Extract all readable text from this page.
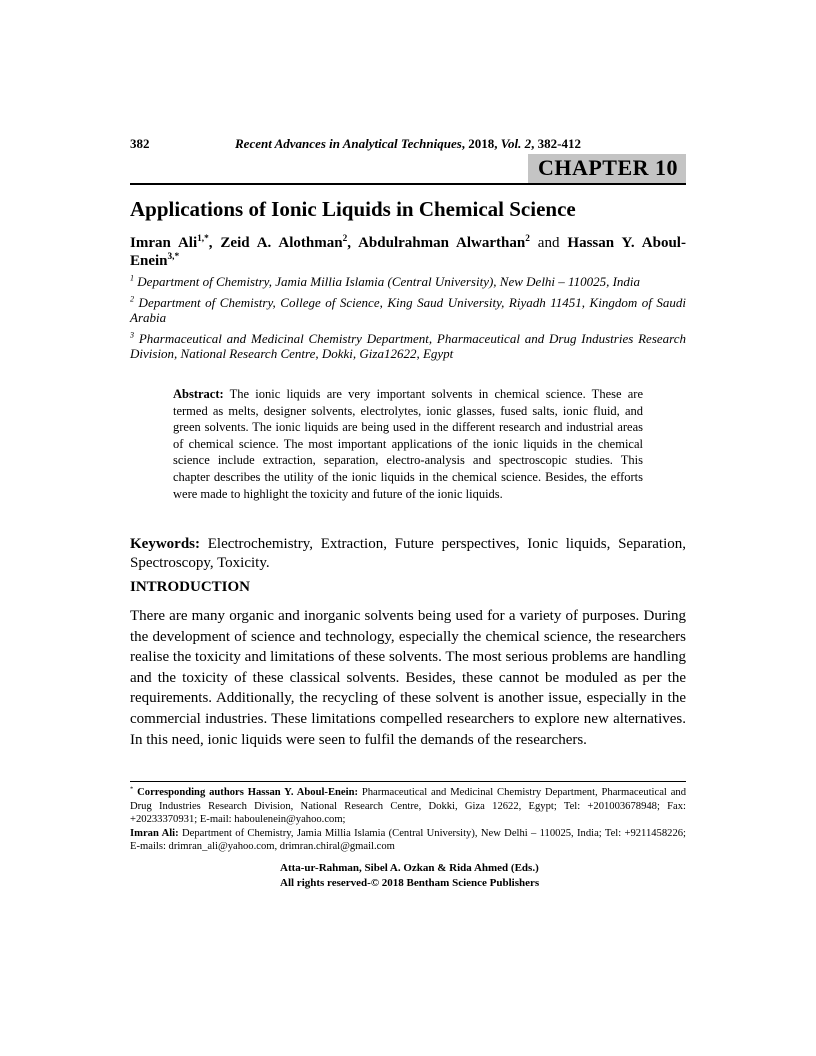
382	Recent Advances in Analytical Techniques, 2018, Vol. 2, 382-412
CHAPTER 10
Applications of Ionic Liquids in Chemical Science
Imran Ali$^{1,*}$, Zeid A. Alothman$^2$, Abdulrahman Alwarthan$^2$ and Hassan Y. Aboul-Enein$^{3,*}$

$^1$ Department of Chemistry, Jamia Millia Islamia (Central University), New Delhi – 110025, India

$^2$ Department of Chemistry, College of Science, King Saud University, Riyadh 11451, Kingdom of Saudi Arabia

$^3$ Pharmaceutical and Medicinal Chemistry Department, Pharmaceutical and Drug Industries Research Division, National Research Centre, Dokki, Giza12622, Egypt

Abstract: The ionic liquids are very important solvents in chemical science. These are termed as melts, designer solvents, electrolytes, ionic glasses, fused salts, ionic fluid, and green solvents. The ionic liquids are being used in the different research and industrial areas of chemical science. The most important applications of the ionic liquids in the chemical science include extraction, separation, electro-analysis and spectroscopic studies. This chapter describes the utility of the ionic liquids in the chemical science. Besides, the efforts were made to highlight the toxicity and future of the ionic liquids.
Keywords: Electrochemistry, Extraction, Future perspectives, Ionic liquids, Separation, Spectroscopy, Toxicity.
INTRODUCTION
There are many organic and inorganic solvents being used for a variety of purposes. During the development of science and technology, especially the chemical science, the researchers realise the toxicity and limitations of these solvents. The most serious problems are handling and the toxicity of these classical solvents. Besides, these cannot be moduled as per the requirements. Additionally, the recycling of these solvent is another issue, especially in the commercial industries. These limitations compelled researchers to explore new alternatives. In this need, ionic liquids were seen to fulfil the demands of the researchers.

* Corresponding authors Hassan Y. Aboul-Enein: Pharmaceutical and Medicinal Chemistry Department, Pharmaceutical and Drug Industries Research Division, National Research Centre, Dokki, Giza 12622, Egypt; Tel: +201003678948; Fax: +20233370931; E-mail: haboulenein@yahoo.com;

Imran Ali: Department of Chemistry, Jamia Millia Islamia (Central University), New Delhi – 110025, India; Tel: +9211458226; E-mails: drimran_ali@yahoo.com, drimran.chiral@gmail.com

Atta-ur-Rahman, Sibel A. Ozkan & Rida Ahmed (Eds.)
All rights reserved-© 2018 Bentham Science Publishers
